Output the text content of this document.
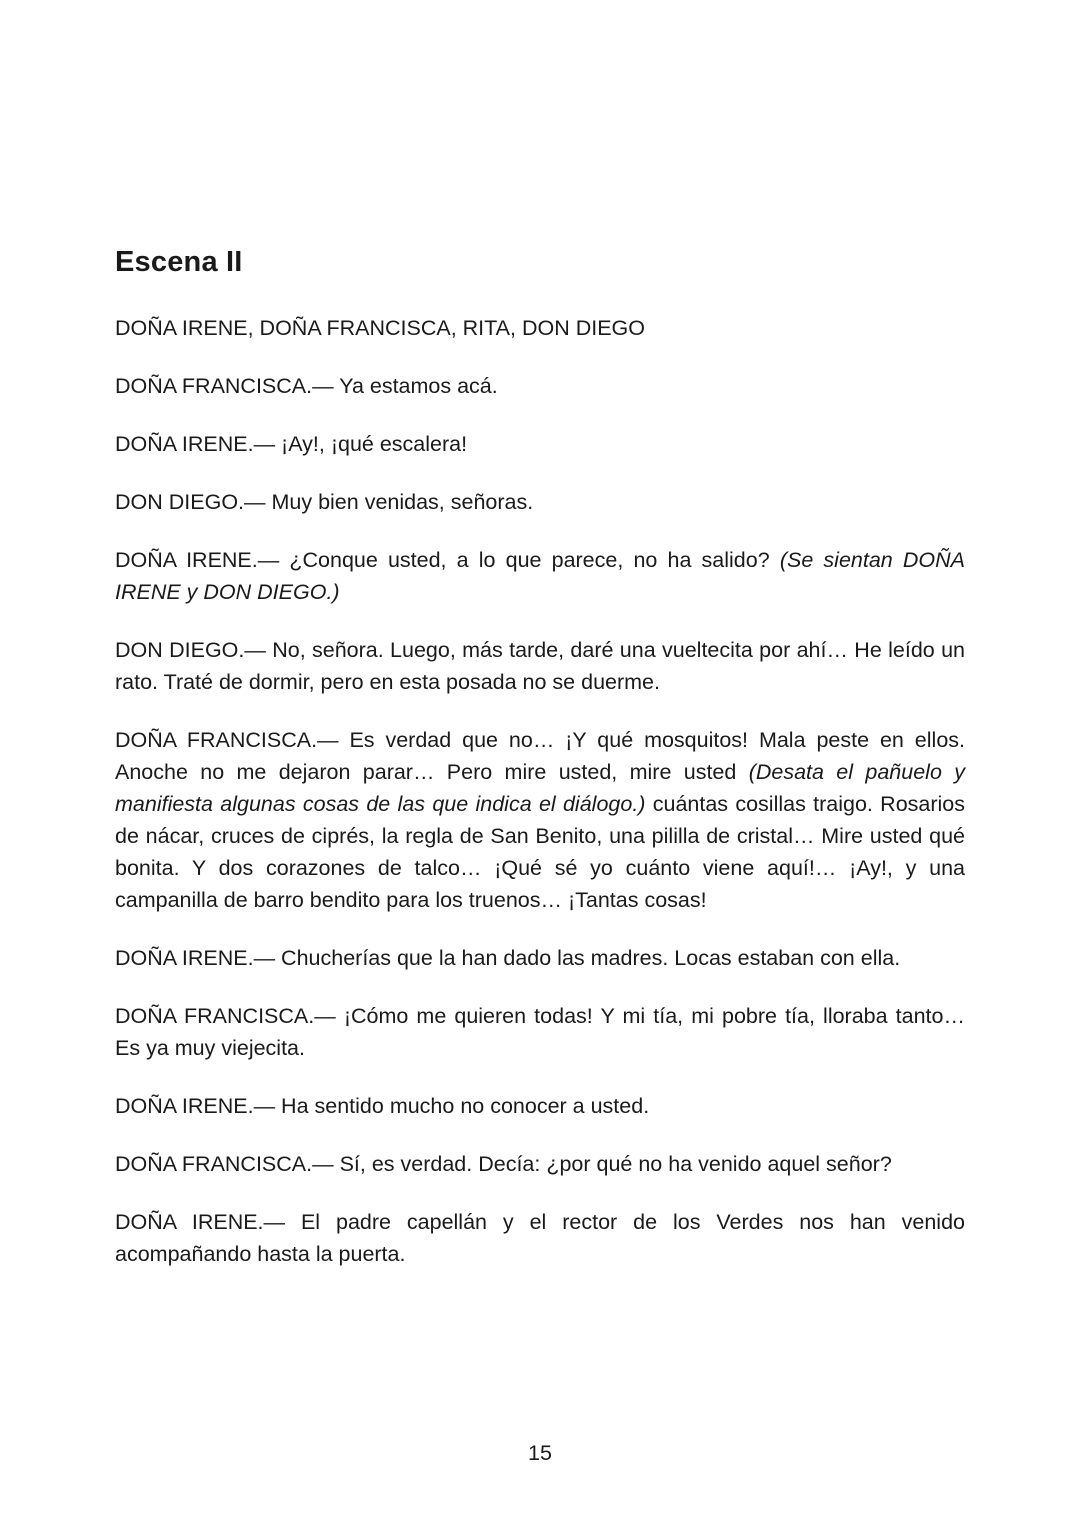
Escena II

DOÑA IRENE, DOÑA FRANCISCA, RITA, DON DIEGO

DOÑA FRANCISCA.— Ya estamos acá.

DOÑA IRENE.— ¡Ay!, ¡qué escalera!

DON DIEGO.— Muy bien venidas, señoras.

DOÑA IRENE.— ¿Conque usted, a lo que parece, no ha salido? (Se sientan DOÑA IRENE y DON DIEGO.)

DON DIEGO.— No, señora. Luego, más tarde, daré una vueltecita por ahí… He leído un rato. Traté de dormir, pero en esta posada no se duerme.

DOÑA FRANCISCA.— Es verdad que no… ¡Y qué mosquitos! Mala peste en ellos. Anoche no me dejaron parar… Pero mire usted, mire usted (Desata el pañuelo y manifiesta algunas cosas de las que indica el diálogo.) cuántas cosillas traigo. Rosarios de nácar, cruces de ciprés, la regla de San Benito, una pililla de cristal… Mire usted qué bonita. Y dos corazones de talco… ¡Qué sé yo cuánto viene aquí!… ¡Ay!, y una campanilla de barro bendito para los truenos… ¡Tantas cosas!

DOÑA IRENE.— Chucherías que la han dado las madres. Locas estaban con ella.

DOÑA FRANCISCA.— ¡Cómo me quieren todas! Y mi tía, mi pobre tía, lloraba tanto… Es ya muy viejecita.

DOÑA IRENE.— Ha sentido mucho no conocer a usted.

DOÑA FRANCISCA.— Sí, es verdad. Decía: ¿por qué no ha venido aquel señor?

DOÑA IRENE.— El padre capellán y el rector de los Verdes nos han venido acompañando hasta la puerta.

15
